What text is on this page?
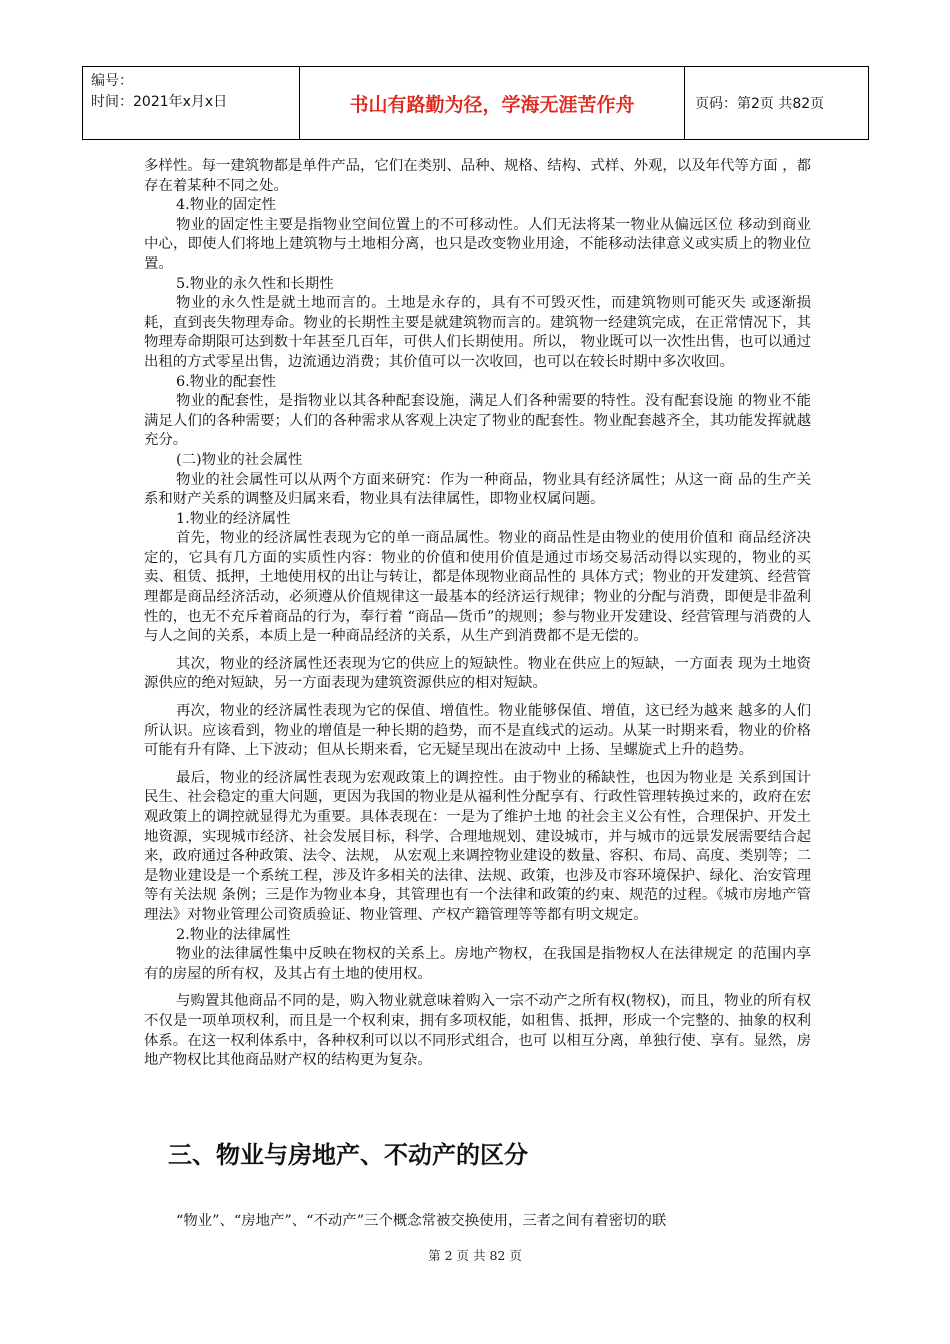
编号：
时间：2021年x月x日	书山有路勤为径，学海无涯苦作舟	页码：第2页 共82页

多样性。每一建筑物都是单件产品，它们在类别、品种、规格、结构、式样、外观，以及年代等方面 ，都存在着某种不同之处。

4.物业的固定性

物业的固定性主要是指物业空间位置上的不可移动性。人们无法将某一物业从偏远区位 移动到商业中心，即使人们将地上建筑物与土地相分离，也只是改变物业用途，不能移动法律意义或实质上的物业位置。

5.物业的永久性和长期性

物业的永久性是就土地而言的。土地是永存的，具有不可毁灭性，而建筑物则可能灭失 或逐渐损耗，直到丧失物理寿命。物业的长期性主要是就建筑物而言的。建筑物一经建筑完成，在正常情况下，其物理寿命期限可达到数十年甚至几百年，可供人们长期使用。所以， 物业既可以一次性出售，也可以通过出租的方式零星出售，边流通边消费；其价值可以一次收回，也可以在较长时期中多次收回。

6.物业的配套性

物业的配套性，是指物业以其各种配套设施，满足人们各种需要的特性。没有配套设施 的物业不能满足人们的各种需要；人们的各种需求从客观上决定了物业的配套性。物业配套越齐全，其功能发挥就越充分。

(二)物业的社会属性

物业的社会属性可以从两个方面来研究：作为一种商品，物业具有经济属性；从这一商 品的生产关系和财产关系的调整及归属来看，物业具有法律属性，即物业权属问题。

1.物业的经济属性

首先，物业的经济属性表现为它的单一商品属性。物业的商品性是由物业的使用价值和 商品经济决定的，它具有几方面的实质性内容：物业的价值和使用价值是通过市场交易活动得以实现的，物业的买卖、租赁、抵押，土地使用权的出让与转让，都是体现物业商品性的 具体方式；物业的开发建筑、经营管理都是商品经济活动，必须遵从价值规律这一最基本的经济运行规律；物业的分配与消费，即便是非盈利性的，也无不充斥着商品的行为，奉行着 “商品—货币”的规则；参与物业开发建设、经营管理与消费的人与人之间的关系，本质上是一种商品经济的关系，从生产到消费都不是无偿的。

其次，物业的经济属性还表现为它的供应上的短缺性。物业在供应上的短缺，一方面表 现为土地资源供应的绝对短缺，另一方面表现为建筑资源供应的相对短缺。

再次，物业的经济属性表现为它的保值、增值性。物业能够保值、增值，这已经为越来 越多的人们所认识。应该看到，物业的增值是一种长期的趋势，而不是直线式的运动。从某一时期来看，物业的价格可能有升有降、上下波动；但从长期来看，它无疑呈现出在波动中 上扬、呈螺旋式上升的趋势。

最后，物业的经济属性表现为宏观政策上的调控性。由于物业的稀缺性，也因为物业是 关系到国计民生、社会稳定的重大问题，更因为我国的物业是从福利性分配享有、行政性管理转换过来的，政府在宏观政策上的调控就显得尤为重要。具体表现在：一是为了维护土地 的社会主义公有性，合理保护、开发土地资源，实现城市经济、社会发展目标，科学、合理地规划、建设城市，并与城市的远景发展需要结合起来，政府通过各种政策、法令、法规， 从宏观上来调控物业建设的数量、容积、布局、高度、类别等；二是物业建设是一个系统工程，涉及许多相关的法律、法规、政策，也涉及市容环境保护、绿化、治安管理等有关法规 条例；三是作为物业本身，其管理也有一个法律和政策的约束、规范的过程。《城市房地产管理法》对物业管理公司资质验证、物业管理、产权产籍管理等等都有明文规定。

2.物业的法律属性

物业的法律属性集中反映在物权的关系上。房地产物权，在我国是指物权人在法律规定 的范围内享有的房屋的所有权，及其占有土地的使用权。

与购置其他商品不同的是，购入物业就意味着购入一宗不动产之所有权(物权)，而且，物业的所有权不仅是一项单项权利，而且是一个权利束，拥有多项权能，如租售、抵押，形成一个完整的、抽象的权利体系。在这一权利体系中，各种权利可以以不同形式组合，也可 以相互分离，单独行使、享有。显然，房地产物权比其他商品财产权的结构更为复杂。

三、物业与房地产、不动产的区分
“物业”、“房地产”、“不动产”三个概念常被交换使用，三者之间有着密切的联
第 2 页 共 82 页
